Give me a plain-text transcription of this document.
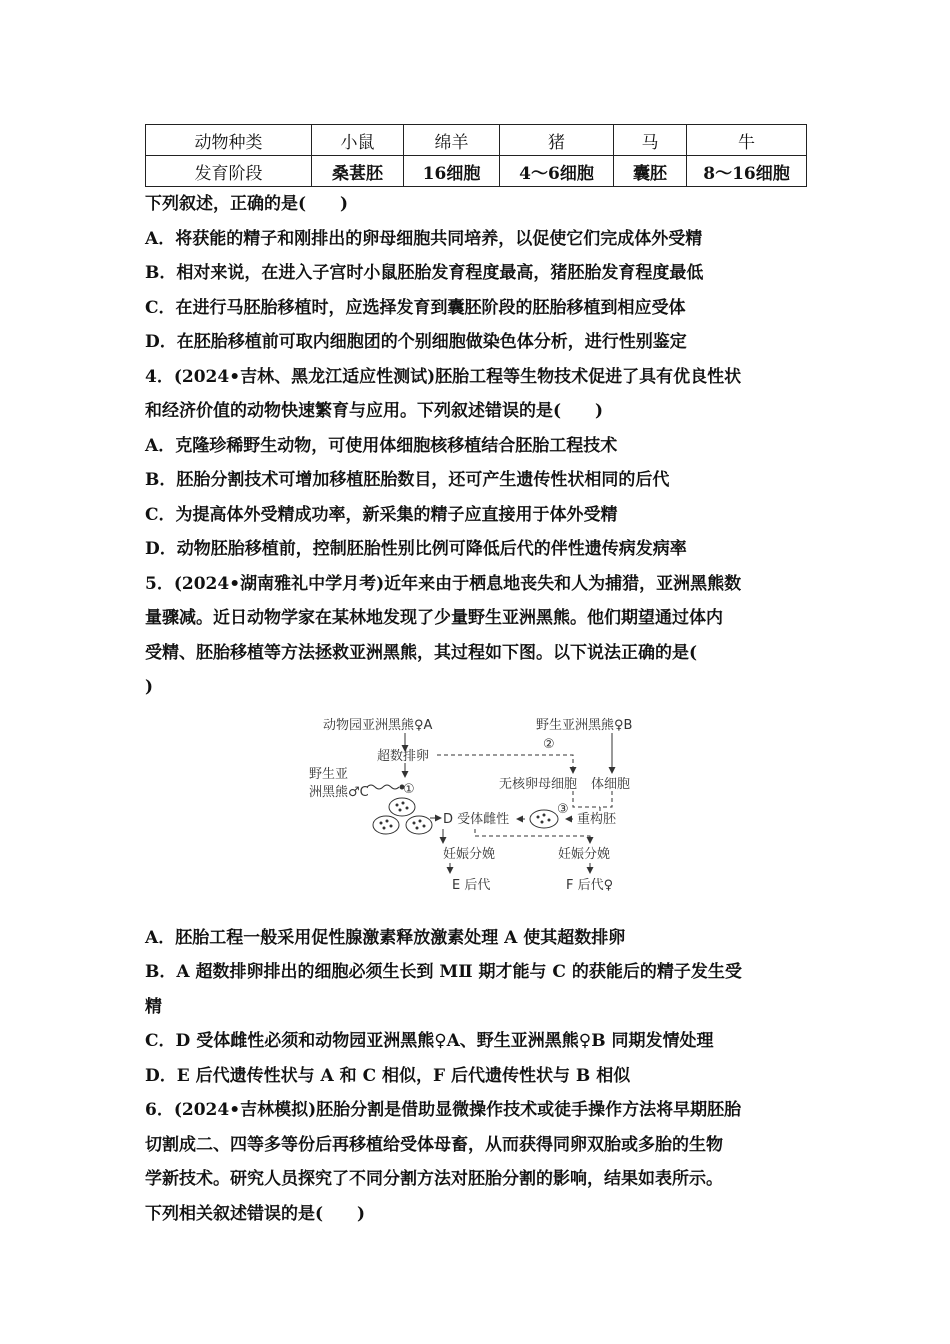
动物种类	小鼠	绵羊	猪	马	牛
发育阶段	桑葚胚	16细胞	4～6细胞	囊胚	8～16细胞
下列叙述，正确的是(　　)
A．将获能的精子和刚排出的卵母细胞共同培养，以促使它们完成体外受精
B．相对来说，在进入子宫时小鼠胚胎发育程度最高，猪胚胎发育程度最低
C．在进行马胚胎移植时，应选择发育到囊胚阶段的胚胎移植到相应受体
D．在胚胎移植前可取内细胞团的个别细胞做染色体分析，进行性别鉴定
4．(2024•吉林、黑龙江适应性测试)胚胎工程等生物技术促进了具有优良性状
和经济价值的动物快速繁育与应用。下列叙述错误的是(　　)
A．克隆珍稀野生动物，可使用体细胞核移植结合胚胎工程技术
B．胚胎分割技术可增加移植胚胎数目，还可产生遗传性状相同的后代
C．为提高体外受精成功率，新采集的精子应直接用于体外受精
D．动物胚胎移植前，控制胚胎性别比例可降低后代的伴性遗传病发病率
5．(2024•湖南雅礼中学月考)近年来由于栖息地丧失和人为捕猎，亚洲黑熊数
量骤减。近日动物学家在某林地发现了少量野生亚洲黑熊。他们期望通过体内
受精、胚胎移植等方法拯救亚洲黑熊，其过程如下图。以下说法正确的是(
)
动物园亚洲黑熊♀A	野生亚洲黑熊♀B
②
超数排卵
野生亚
洲黑熊♂C	①	无核卵母细胞 体细胞
③
D 受体雌性	重构胚
妊娠分娩	妊娠分娩
E 后代	F 后代♀
A．胚胎工程一般采用促性腺激素释放激素处理 A 使其超数排卵
B．A 超数排卵排出的细胞必须生长到 MⅡ 期才能与 C 的获能后的精子发生受
精
C．D 受体雌性必须和动物园亚洲黑熊♀A、野生亚洲黑熊♀B 同期发情处理
D．E 后代遗传性状与 A 和 C 相似，F 后代遗传性状与 B 相似
6．(2024•吉林模拟)胚胎分割是借助显微操作技术或徒手操作方法将早期胚胎
切割成二、四等多等份后再移植给受体母畜，从而获得同卵双胎或多胎的生物
学新技术。研究人员探究了不同分割方法对胚胎分割的影响，结果如表所示。
下列相关叙述错误的是(　　)
